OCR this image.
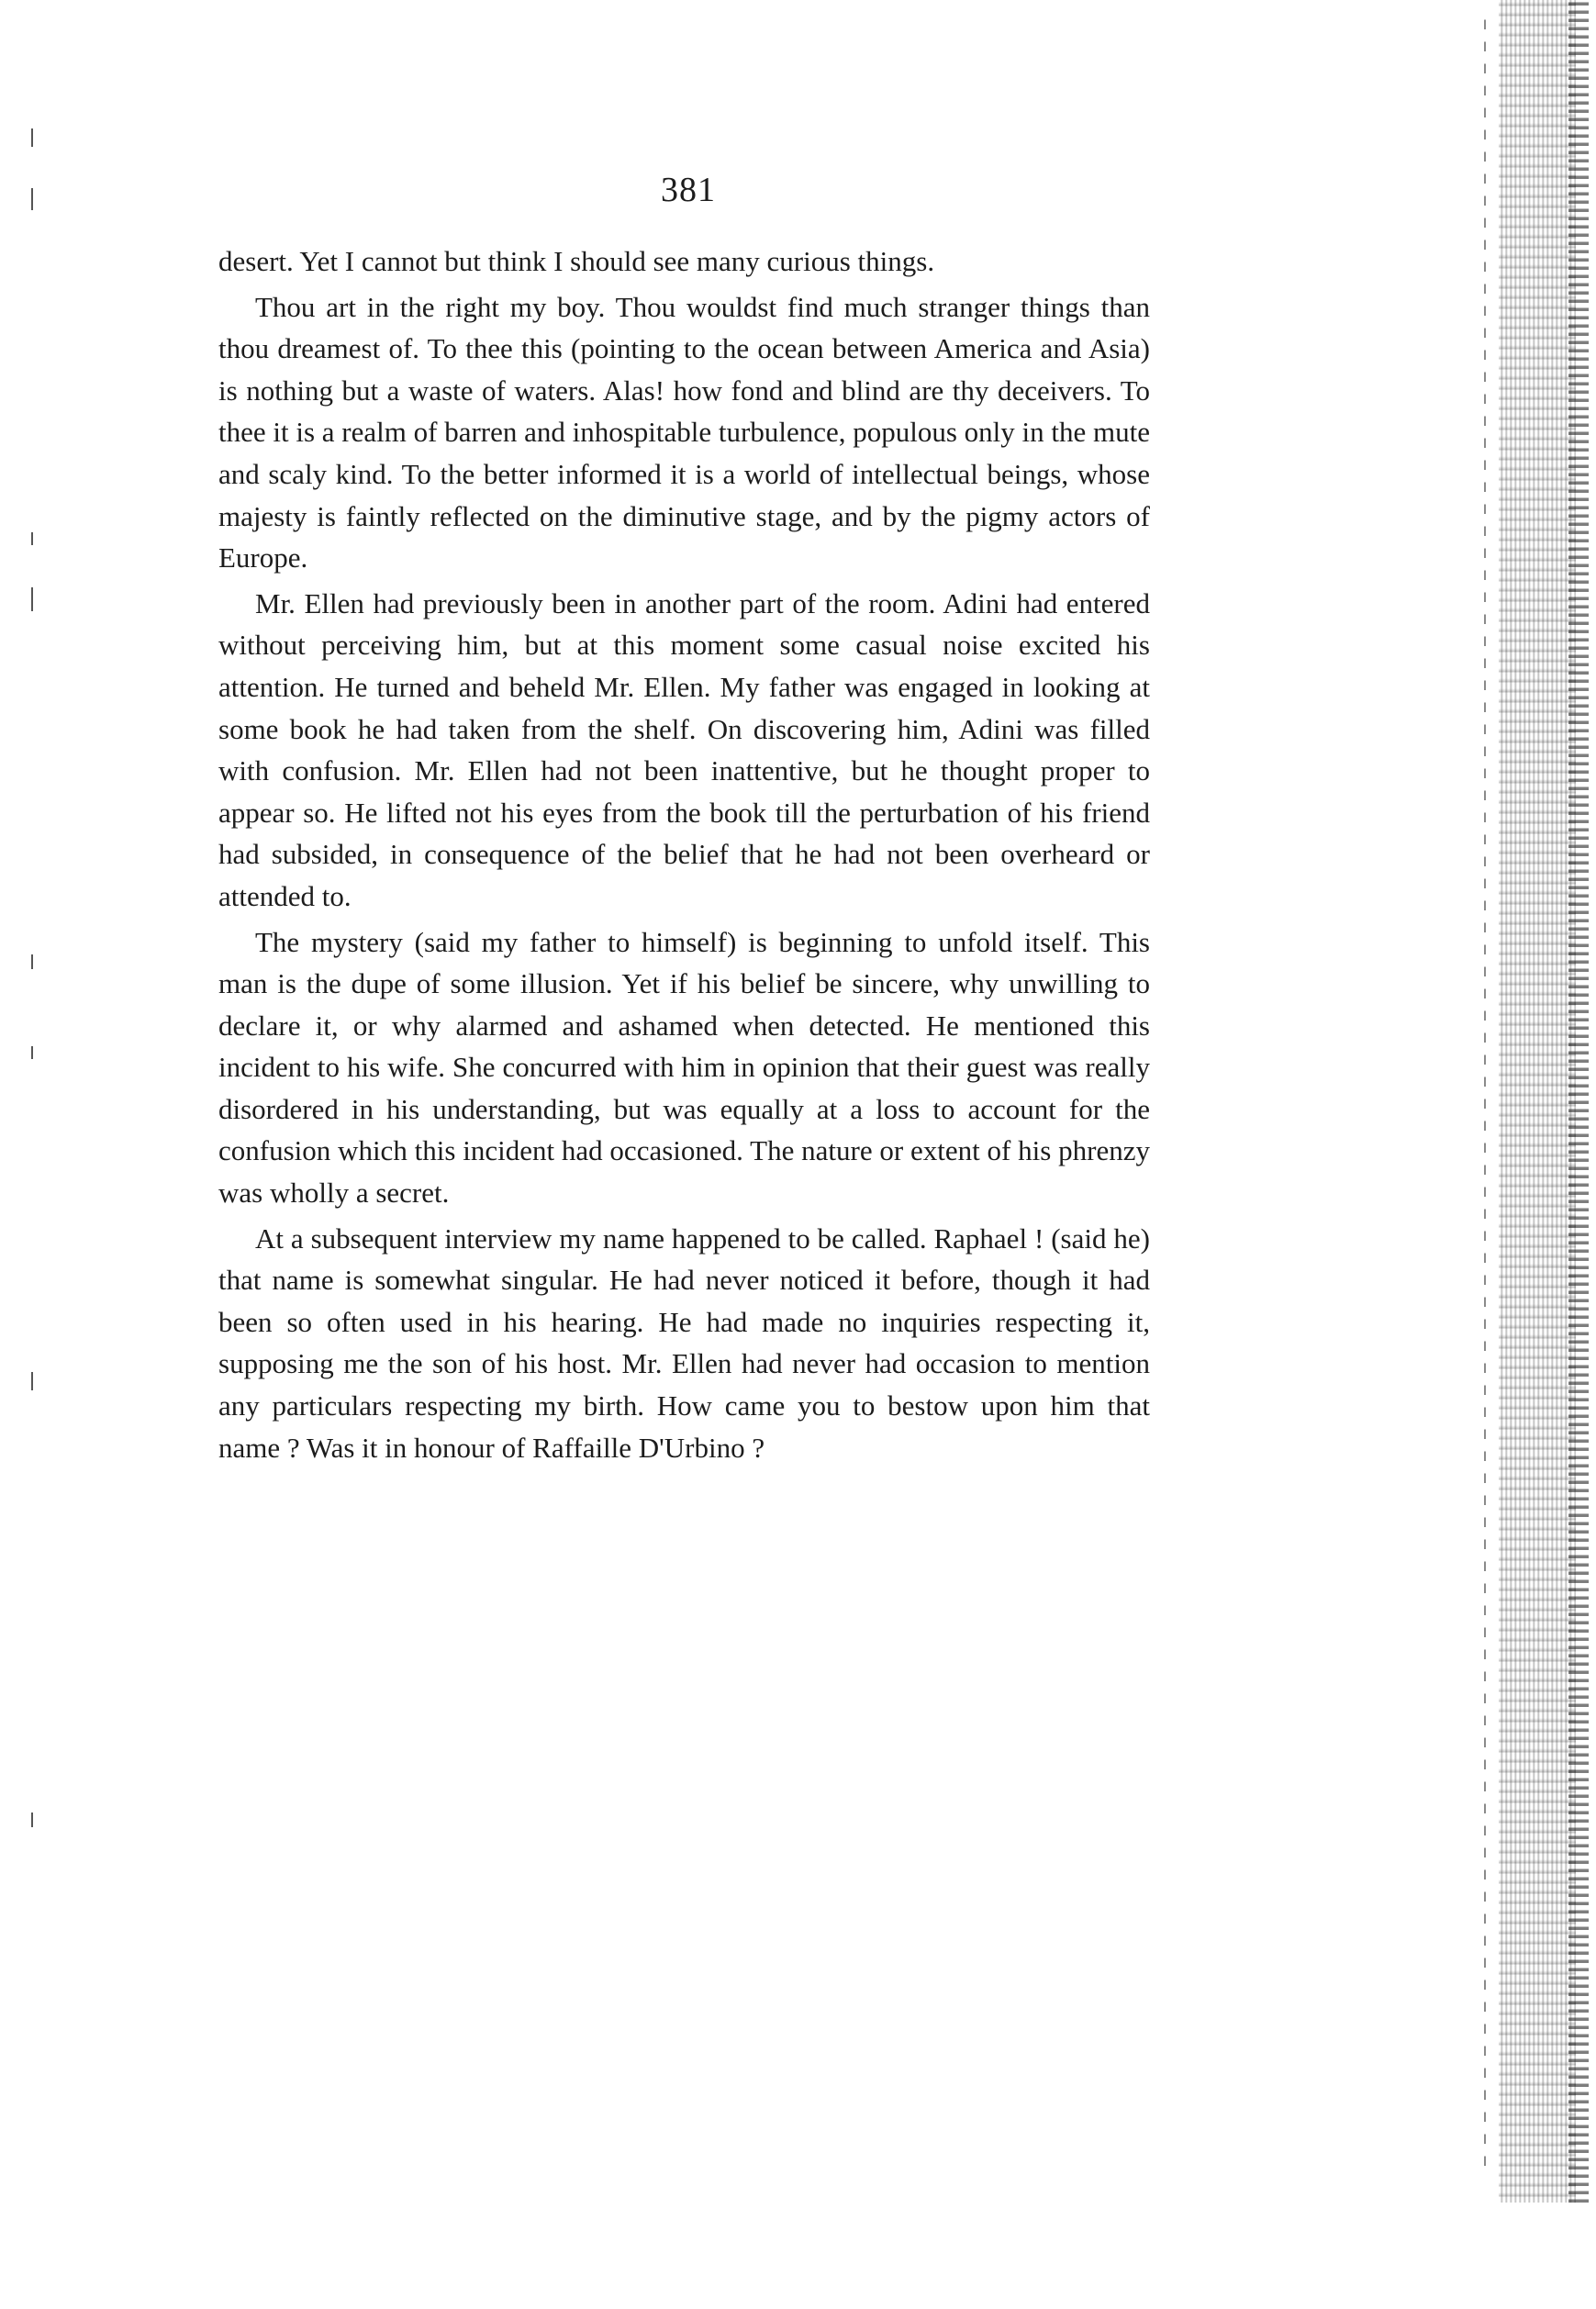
381

desert. Yet I cannot but think I should see many curious things.

Thou art in the right my boy. Thou wouldst find much stranger things than thou dreamest of. To thee this (pointing to the ocean between America and Asia) is nothing but a waste of waters. Alas! how fond and blind are thy deceivers. To thee it is a realm of barren and inhospitable turbulence, populous only in the mute and scaly kind. To the better informed it is a world of intellectual beings, whose majesty is faintly reflected on the diminutive stage, and by the pigmy actors of Europe.

Mr. Ellen had previously been in another part of the room. Adini had entered without perceiving him, but at this moment some casual noise excited his attention. He turned and beheld Mr. Ellen. My father was engaged in looking at some book he had taken from the shelf. On discovering him, Adini was filled with confusion. Mr. Ellen had not been inattentive, but he thought proper to appear so. He lifted not his eyes from the book till the perturbation of his friend had subsided, in consequence of the belief that he had not been overheard or attended to.

The mystery (said my father to himself) is beginning to unfold itself. This man is the dupe of some illusion. Yet if his belief be sincere, why unwilling to declare it, or why alarmed and ashamed when detected. He mentioned this incident to his wife. She concurred with him in opinion that their guest was really disordered in his understanding, but was equally at a loss to account for the confusion which this incident had occasioned. The nature or extent of his phrenzy was wholly a secret.

At a subsequent interview my name happened to be called. Raphael ! (said he) that name is somewhat singular. He had never noticed it before, though it had been so often used in his hearing. He had made no inquiries respecting it, supposing me the son of his host. Mr. Ellen had never had occasion to mention any particulars respecting my birth. How came you to bestow upon him that name ? Was it in honour of Raffaille D'Urbino ?
